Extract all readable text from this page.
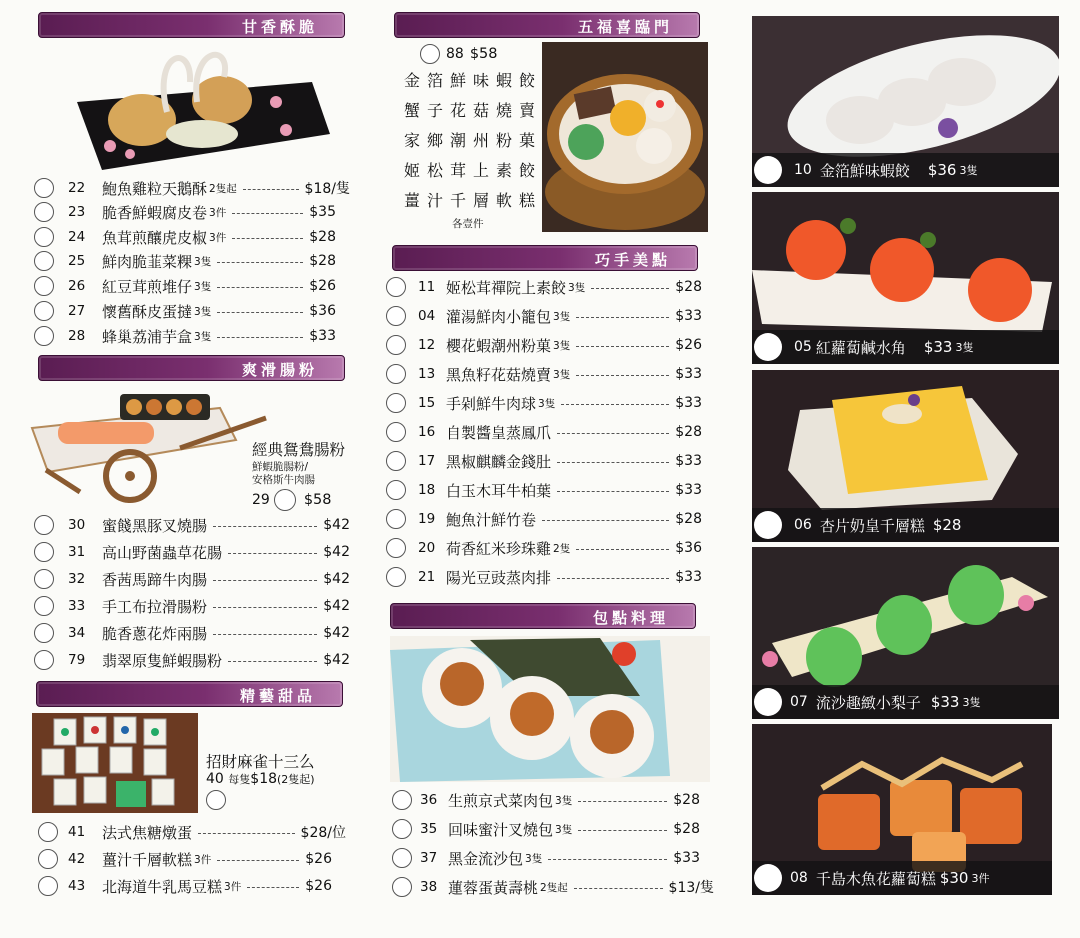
甘香酥脆
22	鮑魚雞粒天鵝酥 2隻起	$18/隻
23	脆香鮮蝦腐皮卷 3件	$35
24	魚茸煎釀虎皮椒 3件	$28
25	鮮肉脆韮菜粿 3隻	$28
26	紅豆茸煎堆仔 3隻	$26
27	懷舊酥皮蛋撻 3隻	$36
28	蜂巢荔浦芋盒 3隻	$33
爽滑腸粉
經典鴛鴦腸粉
鮮蝦脆腸粉/
安格斯牛肉腸
29 $58
30	蜜餞黑豚叉燒腸	$42
31	高山野菌蟲草花腸	$42
32	香茜馬蹄牛肉腸	$42
33	手工布拉滑腸粉	$42
34	脆香蔥花炸兩腸	$42
79	翡翠原隻鮮蝦腸粉	$42
精藝甜品
招財麻雀十三么
40 每隻$18(2隻起)
41	法式焦糖燉蛋	$28/位
42	薑汁千層軟糕 3件	$26
43	北海道牛乳馬豆糕 3件	$26
五福喜臨門
88 $58
金箔鮮味蝦餃
蟹子花菇燒賣
家鄉潮州粉菓
姬松茸上素餃
薑汁千層軟糕
各壹件
巧手美點
11 姬松茸禪院上素餃 3隻	$28
04 灌湯鮮肉小籠包 3隻	$33
12 櫻花蝦潮州粉菓 3隻	$26
13 黑魚籽花菇燒賣 3隻	$33
15 手剁鮮牛肉球 3隻	$33
16 自製醬皇蒸鳳爪	$28
17 黑椒麒麟金錢肚	$33
18 白玉木耳牛柏葉	$33
19 鮑魚汁鮮竹卷	$28
20 荷香紅米珍珠雞 2隻	$36
21 陽光豆豉蒸肉排	$33
包點料理
36 生煎京式菜肉包 3隻	$28
35 回味蜜汁叉燒包 3隻	$28
37 黑金流沙包 3隻	$33
38 蓮蓉蛋黃壽桃 2隻起	$13/隻
10 金箔鮮味蝦餃 $36 3隻
05 紅蘿蔔鹹水角 $33 3隻
06 杏片奶皇千層糕 $28
07 流沙趣緻小梨子 $33 3隻
08 千島木魚花蘿蔔糕 $30 3件
